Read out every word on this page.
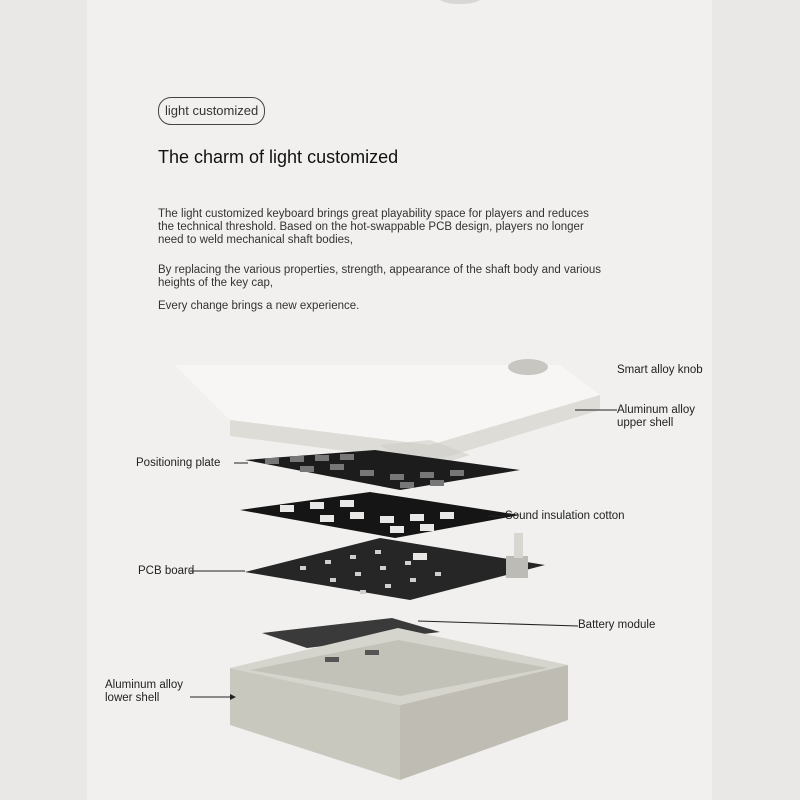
light customized
The charm of light customized
The light customized keyboard brings great playability space for players and reduces the technical threshold. Based on the hot-swappable PCB design, players no longer need to weld mechanical shaft bodies,
By replacing the various properties, strength, appearance of the shaft body and various heights of the key cap,
Every change brings a new experience.
Smart alloy knob
Aluminum alloy upper shell
Positioning plate
Sound insulation cotton
PCB board
Battery module
Aluminum alloy lower shell
